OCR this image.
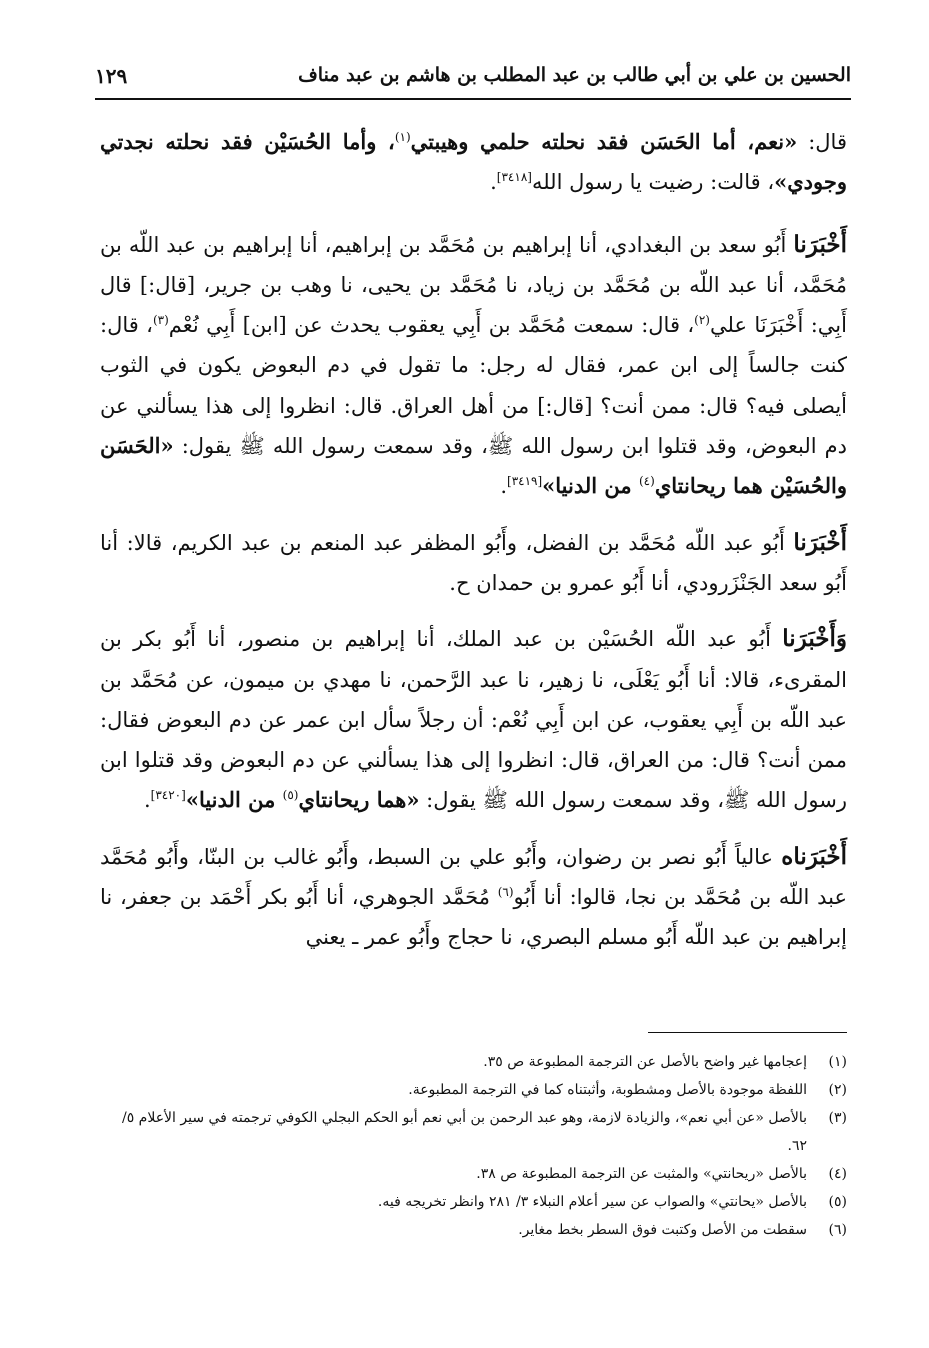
الحسين بن علي بن أبي طالب بن عبد المطلب بن هاشم بن عبد مناف
١٢٩

قال: «نعم، أما الحَسَن فقد نحلته حلمي وهيبتي$^{(١)}$، وأما الحُسَيْن فقد نحلته نجدتي وجودي»، قالت: رضيت يا رسول الله[٣٤١٨].

أَخْبَرَنا أَبُو سعد بن البغدادي، أنا إبراهيم بن مُحَمَّد بن إبراهيم، أنا إبراهيم بن عبد اللّه بن مُحَمَّد، أنا عبد اللّه بن مُحَمَّد بن زياد، نا مُحَمَّد بن يحيى، نا وهب بن جرير، [قال:] قال أَبِي: أَخْبَرَنَا علي$^{(٢)}$، قال: سمعت مُحَمَّد بن أَبِي يعقوب يحدث عن [ابن] أَبِي نُعْم$^{(٣)}$، قال: كنت جالساً إلى ابن عمر، فقال له رجل: ما تقول في دم البعوض يكون في الثوب أيصلى فيه؟ قال: ممن أنت؟ [قال:] من أهل العراق. قال: انظروا إلى هذا يسألني عن دم البعوض، وقد قتلوا ابن رسول الله ﷺ، وقد سمعت رسول الله ﷺ يقول: «الحَسَن والحُسَيْن هما ريحانتاي$^{(٤)}$ من الدنيا»[٣٤١٩].

أَخْبَرَنا أَبُو عبد اللّه مُحَمَّد بن الفضل، وأَبُو المظفر عبد المنعم بن عبد الكريم، قالا: أنا أَبُو سعد الجَنْزَرودي، أنا أَبُو عمرو بن حمدان ح.

وَأَخْبَرَنا أَبُو عبد اللّه الحُسَيْن بن عبد الملك، أنا إبراهيم بن منصور، أنا أَبُو بكر بن المقرىء، قالا: أنا أَبُو يَعْلَى، نا زهير، نا عبد الرَّحمن، نا مهدي بن ميمون، عن مُحَمَّد بن عبد اللّه بن أَبِي يعقوب، عن ابن أَبِي نُعْم: أن رجلاً سأل ابن عمر عن دم البعوض فقال: ممن أنت؟ قال: من العراق، قال: انظروا إلى هذا يسألني عن دم البعوض وقد قتلوا ابن رسول الله ﷺ، وقد سمعت رسول الله ﷺ يقول: «هما ريحانتاي$^{(٥)}$ من الدنيا»[٣٤٢٠].

أَخْبَرَناه عالياً أَبُو نصر بن رضوان، وأَبُو علي بن السبط، وأَبُو غالب بن البنّا، وأَبُو مُحَمَّد عبد اللّه بن مُحَمَّد بن نجا، قالوا: أنا أَبُو$^{(٦)}$ مُحَمَّد الجوهري، أنا أَبُو بكر أَحْمَد بن جعفر، نا إبراهيم بن عبد اللّه أَبُو مسلم البصري، نا حجاج وأَبُو عمر ـ يعني

(١)
إعجامها غير واضح بالأصل عن الترجمة المطبوعة ص ٣٥.
(٢)
اللفظة موجودة بالأصل ومشطوبة، وأثبتناه كما في الترجمة المطبوعة.
(٣)
بالأصل «عن أبي نعم»، والزيادة لازمة، وهو عبد الرحمن بن أبي نعم أبو الحكم البجلي الكوفي ترجمته في سير الأعلام ٥/ ٦٢.
(٤)
بالأصل «ريحانتي» والمثبت عن الترجمة المطبوعة ص ٣٨.
(٥)
بالأصل «يحانتي» والصواب عن سير أعلام النبلاء ٣/ ٢٨١ وانظر تخريجه فيه.
(٦)
سقطت من الأصل وكتبت فوق السطر بخط مغاير.
